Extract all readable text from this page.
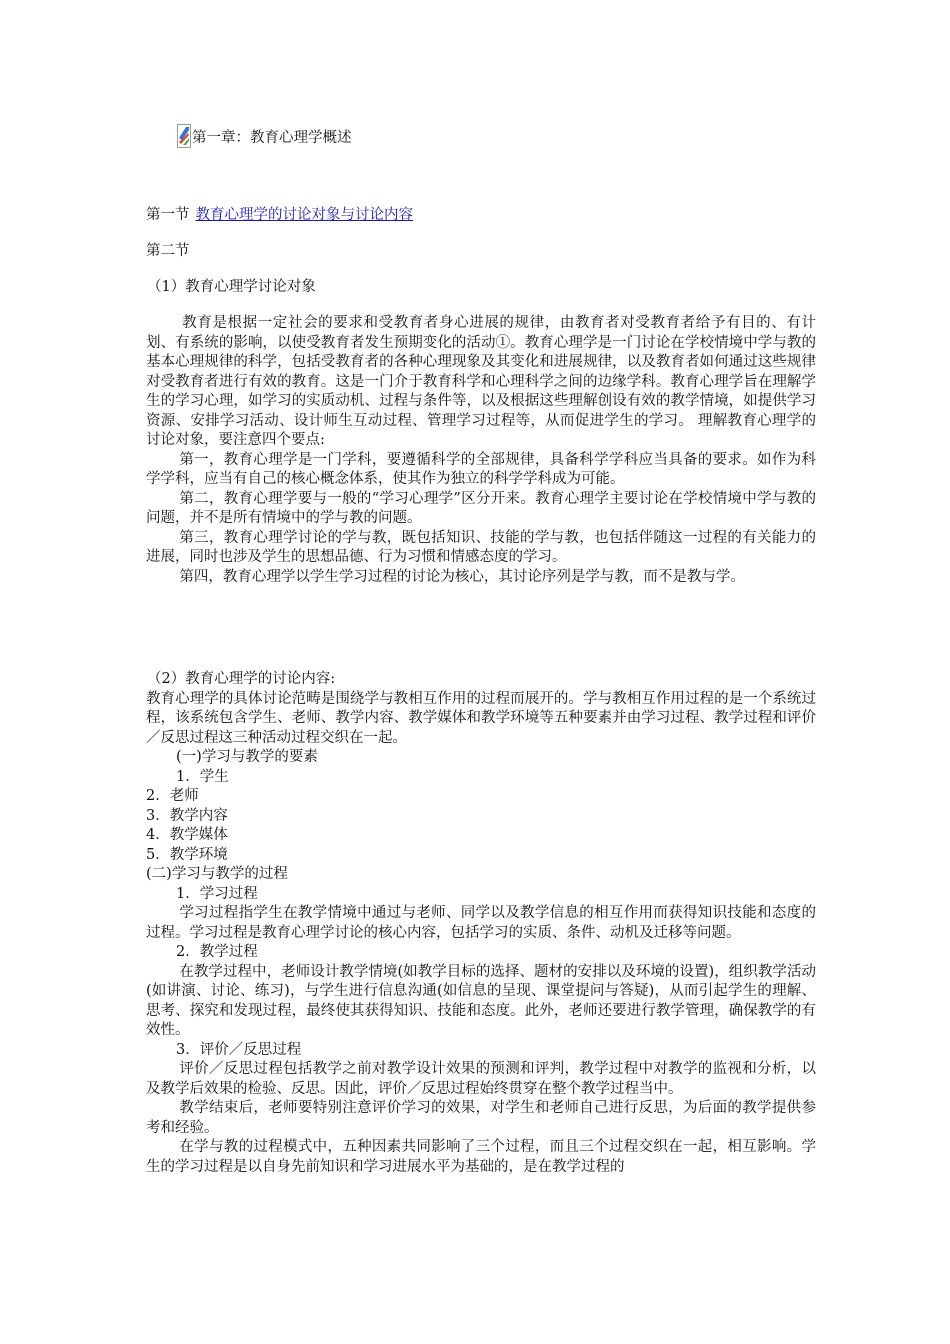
第一章：教育心理学概述
第一节 教育心理学的讨论对象与讨论内容
第二节
（1）教育心理学讨论对象

教育是根据一定社会的要求和受教育者身心进展的规律，由教育者对受教育者给予有目的、有计划、有系统的影响，以使受教育者发生预期变化的活动①。教育心理学是一门讨论在学校情境中学与教的基本心理规律的科学，包括受教育者的各种心理现象及其变化和进展规律，以及教育者如何通过这些规律对受教育者进行有效的教育。这是一门介于教育科学和心理科学之间的边缘学科。教育心理学旨在理解学生的学习心理，如学习的实质动机、过程与条件等，以及根据这些理解创设有效的教学情境，如提供学习资源、安排学习活动、设计师生互动过程、管理学习过程等，从而促进学生的学习。 理解教育心理学的讨论对象，要注意四个要点:

第一，教育心理学是一门学科，要遵循科学的全部规律，具备科学学科应当具备的要求。如作为科学学科，应当有自己的核心概念体系，使其作为独立的科学学科成为可能。

第二，教育心理学要与一般的“学习心理学”区分开来。教育心理学主要讨论在学校情境中学与教的问题，并不是所有情境中的学与教的问题。

第三，教育心理学讨论的学与教，既包括知识、技能的学与教，也包括伴随这一过程的有关能力的进展，同时也涉及学生的思想品德、行为习惯和情感态度的学习。

第四，教育心理学以学生学习过程的讨论为核心，其讨论序列是学与教，而不是教与学。

（2）教育心理学的讨论内容:

教育心理学的具体讨论范畴是围绕学与教相互作用的过程而展开的。学与教相互作用过程的是一个系统过程，该系统包含学生、老师、教学内容、教学媒体和教学环境等五种要素并由学习过程、教学过程和评价／反思过程这三种活动过程交织在一起。

(一)学习与教学的要素

1．学生

2．老师

3．教学内容

4．教学媒体

5．教学环境

(二)学习与教学的过程

1．学习过程

学习过程指学生在教学情境中通过与老师、同学以及教学信息的相互作用而获得知识技能和态度的过程。学习过程是教育心理学讨论的核心内容，包括学习的实质、条件、动机及迁移等问题。

2．教学过程

在教学过程中，老师设计教学情境(如教学目标的选择、题材的安排以及环境的设置)，组织教学活动(如讲演、讨论、练习)，与学生进行信息沟通(如信息的呈现、课堂提问与答疑)，从而引起学生的理解、思考、探究和发现过程，最终使其获得知识、技能和态度。此外，老师还要进行教学管理，确保教学的有效性。

3．评价／反思过程

评价／反思过程包括教学之前对教学设计效果的预测和评判，教学过程中对教学的监视和分析，以及教学后效果的检验、反思。因此，评价／反思过程始终贯穿在整个教学过程当中。

教学结束后，老师要特别注意评价学习的效果，对学生和老师自己进行反思，为后面的教学提供参考和经验。

在学与教的过程模式中，五种因素共同影响了三个过程，而且三个过程交织在一起，相互影响。学生的学习过程是以自身先前知识和学习进展水平为基础的，是在教学过程的
